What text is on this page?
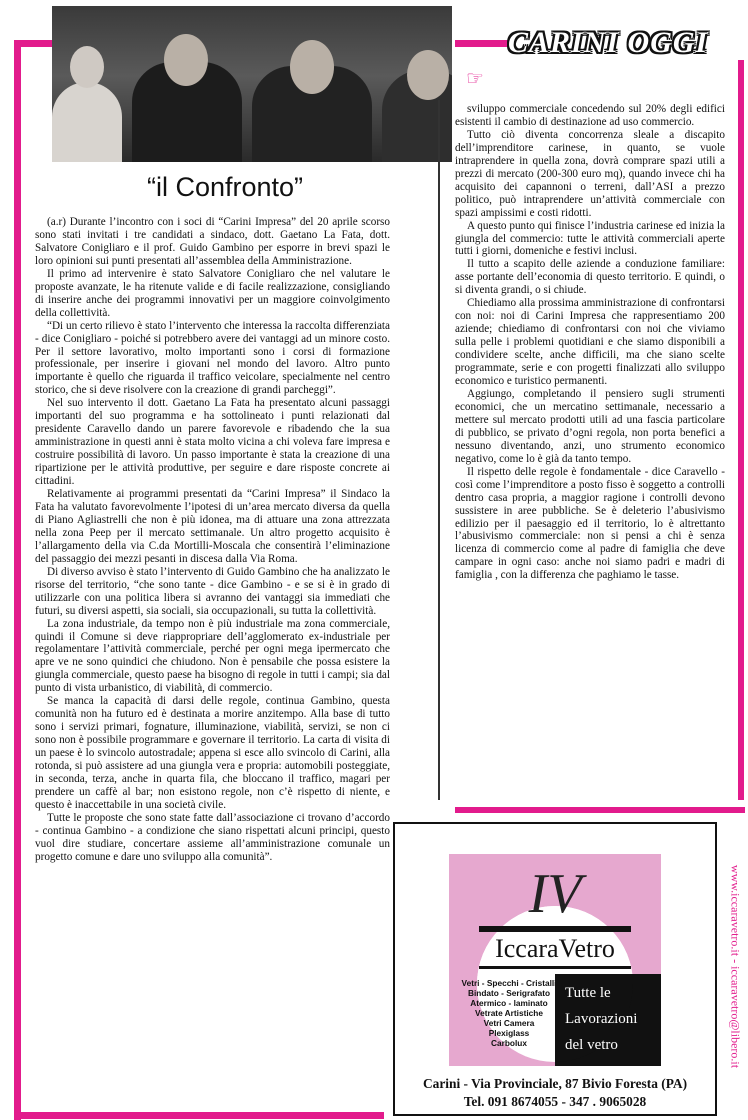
CARINI OGGI
☞
“il Confronto”

(a.r) Durante l’incontro con i soci di “Carini Impresa” del 20 aprile scorso sono stati invitati i tre candidati a sindaco, dott. Gaetano La Fata, dott. Salvatore Conigliaro e il prof. Guido Gambino per esporre in brevi spazi le loro opinioni sui punti presentati all’assemblea della Amministrazione.

Il primo ad intervenire è stato Salvatore Conigliaro che nel valutare le proposte avanzate, le ha ritenute valide e di facile realizzazione, consigliando di inserire anche dei programmi innovativi per un maggiore coinvolgimento della collettività.

“Di un certo rilievo è stato l’intervento che interessa la raccolta differenziata - dice Conigliaro - poiché si potrebbero avere dei vantaggi ad un minore costo. Per il settore lavorativo, molto importanti sono i corsi di formazione professionale, per inserire i giovani nel mondo del lavoro. Altro punto importante è quello che riguarda il traffico veicolare, specialmente nel centro storico, che si deve risolvere con la creazione di grandi parcheggi”.

Nel suo intervento il dott. Gaetano La Fata ha presentato alcuni passaggi importanti del suo programma e ha sottolineato i punti relazionati dal presidente Caravello dando un parere favorevole e ribadendo che la sua amministrazione in questi anni è stata molto vicina a chi voleva fare impresa e costruire possibilità di lavoro. Un passo importante è stata la creazione di una ripartizione per le attività produttive, per seguire e dare risposte concrete ai cittadini.

Relativamente ai programmi presentati da “Carini Impresa” il Sindaco la Fata ha valutato favorevolmente l’ipotesi di un’area mercato diversa da quella di Piano Agliastrelli che non è più idonea, ma di attuare una zona attrezzata nella zona Peep per il mercato settimanale. Un altro progetto acquisito è l’allargamento della via C.da Mortilli-Moscala che consentirà l’eliminazione del passaggio dei mezzi pesanti in discesa dalla Via Roma.

Di diverso avviso è stato l’intervento di Guido Gambino che ha analizzato le risorse del territorio, “che sono tante - dice Gambino - e se si è in grado di utilizzarle con una politica libera si avranno dei vantaggi sia immediati che futuri, su diversi aspetti, sia sociali, sia occupazionali, su tutta la collettività.

La zona industriale, da tempo non è più industriale ma zona commerciale, quindi il Comune si deve riappropriare dell’agglomerato ex-industriale per regolamentare l’attività commerciale, perché per ogni mega ipermercato che apre ve ne sono quindici che chiudono. Non è pensabile che possa esistere la giungla commerciale, questo paese ha bisogno di regole in tutti i campi; sia dal punto di vista urbanistico, di viabilità, di commercio.

Se manca la capacità di darsi delle regole, continua Gambino, questa comunità non ha futuro ed è destinata a morire anzitempo. Alla base di tutto sono i servizi primari, fognature, illuminazione, viabilità, servizi, se non ci sono non è possibile programmare e governare il territorio. La carta di visita di un paese è lo svincolo autostradale; appena si esce allo svincolo di Carini, alla rotonda, si può assistere ad una giungla vera e propria: automobili posteggiate, in seconda, terza, anche in quarta fila, che bloccano il traffico, magari per prendere un caffè al bar; non esistono regole, non c’è rispetto di niente, e questo è inaccettabile in una società civile.

Tutte le proposte che sono state fatte dall’associazione ci trovano d’accordo - continua Gambino - a condizione che siano rispettati alcuni principi, questo vuol dire studiare, concertare assieme all’amministrazione comunale un progetto comune e dare uno sviluppo alla comunità”.

sviluppo commerciale concedendo sul 20% degli edifici esistenti il cambio di destinazione ad uso commercio.

Tutto ciò diventa concorrenza sleale a discapito dell’imprenditore carinese, in quanto, se vuole intraprendere in quella zona, dovrà comprare spazi utili a prezzi di mercato (200-300 euro mq), quando invece chi ha acquisito dei capannoni o terreni, dall’ASI a prezzo politico, può intraprendere un’attività commerciale con spazi ampissimi e costi ridotti.

A questo punto qui finisce l’industria carinese ed inizia la giungla del commercio: tutte le attività commerciali aperte tutti i giorni, domeniche e festivi inclusi.

Il tutto a scapito delle aziende a conduzione familiare: asse portante dell’economia di questo territorio. E quindi, o si diventa grandi, o si chiude.

Chiediamo alla prossima amministrazione di confrontarsi con noi: noi di Carini Impresa che rappresentiamo 200 aziende; chiediamo di confrontarsi con noi che viviamo sulla pelle i problemi quotidiani e che siamo disponibili a condividere scelte, anche difficili, ma che siano scelte programmate, serie e con progetti finalizzati allo sviluppo economico e turistico permanenti.

Aggiungo, completando il pensiero sugli strumenti economici, che un mercatino settimanale, necessario a mettere sul mercato prodotti utili ad una fascia particolare di pubblico, se privato d’ogni regola, non porta benefici a nessuno diventando, anzi, uno strumento economico negativo, come lo è già da tanto tempo.

Il rispetto delle regole è fondamentale - dice Caravello - così come l’imprenditore a posto fisso è soggetto a controlli dentro casa propria, a maggior ragione i controlli devono sussistere in aree pubbliche. Se è deleterio l’abusivismo edilizio per il paesaggio ed il territorio, lo è altrettanto l’abusivismo commerciale: non si pensi a chi è senza licenza di commercio come al padre di famiglia che deve campare in ogni caso: anche noi siamo padri e madri di famiglia , con la differenza che paghiamo le tasse.

IV
IccaraVetro
Vetri - Specchi - Cristalli
Bindato - Serigrafato
Atermico - laminato
Vetrate Artistiche
Vetri Camera
Plexiglass
Carbolux
Tutte le
Lavorazioni
del vetro
Carini - Via Provinciale, 87 Bivio Foresta (PA)
Tel. 091 8674055 - 347 . 9065028
www.iccaravetro.it - iccaravetro@libero.it
